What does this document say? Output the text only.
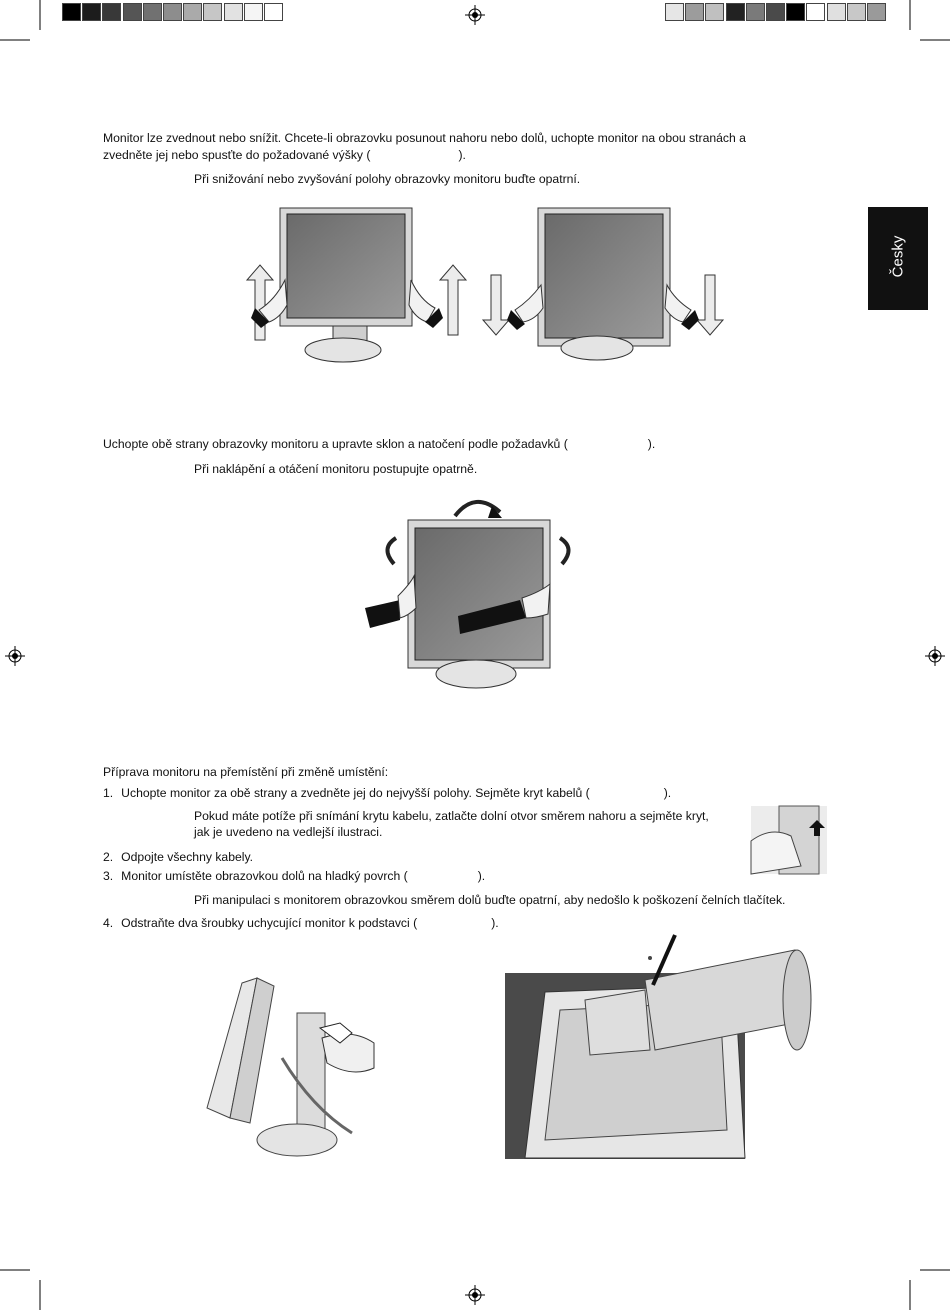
Česky
Monitor lze zvednout nebo snížit. Chcete-li obrazovku posunout nahoru nebo dolů, uchopte monitor na obou stranách a
zvedněte jej nebo spusťte do požadované výšky (	).
Při snižování nebo zvyšování polohy obrazovky monitoru buďte opatrní.
Uchopte obě strany obrazovky monitoru a upravte sklon a natočení podle požadavků (	).
Při naklápění a otáčení monitoru postupujte opatrně.
Příprava monitoru na přemístění při změně umístění:
1. Uchopte monitor za obě strany a zvedněte jej do nejvyšší polohy. Sejměte kryt kabelů (	).
Pokud máte potíže při snímání krytu kabelu, zatlačte dolní otvor směrem nahoru a sejměte kryt,
jak je uvedeno na vedlejší ilustraci.
2. Odpojte všechny kabely.
3. Monitor umístěte obrazovkou dolů na hladký povrch (	).
Při manipulaci s monitorem obrazovkou směrem dolů buďte opatrní, aby nedošlo k poškození čelních tlačítek.
4. Odstraňte dva šroubky uchycující monitor k podstavci (	).
